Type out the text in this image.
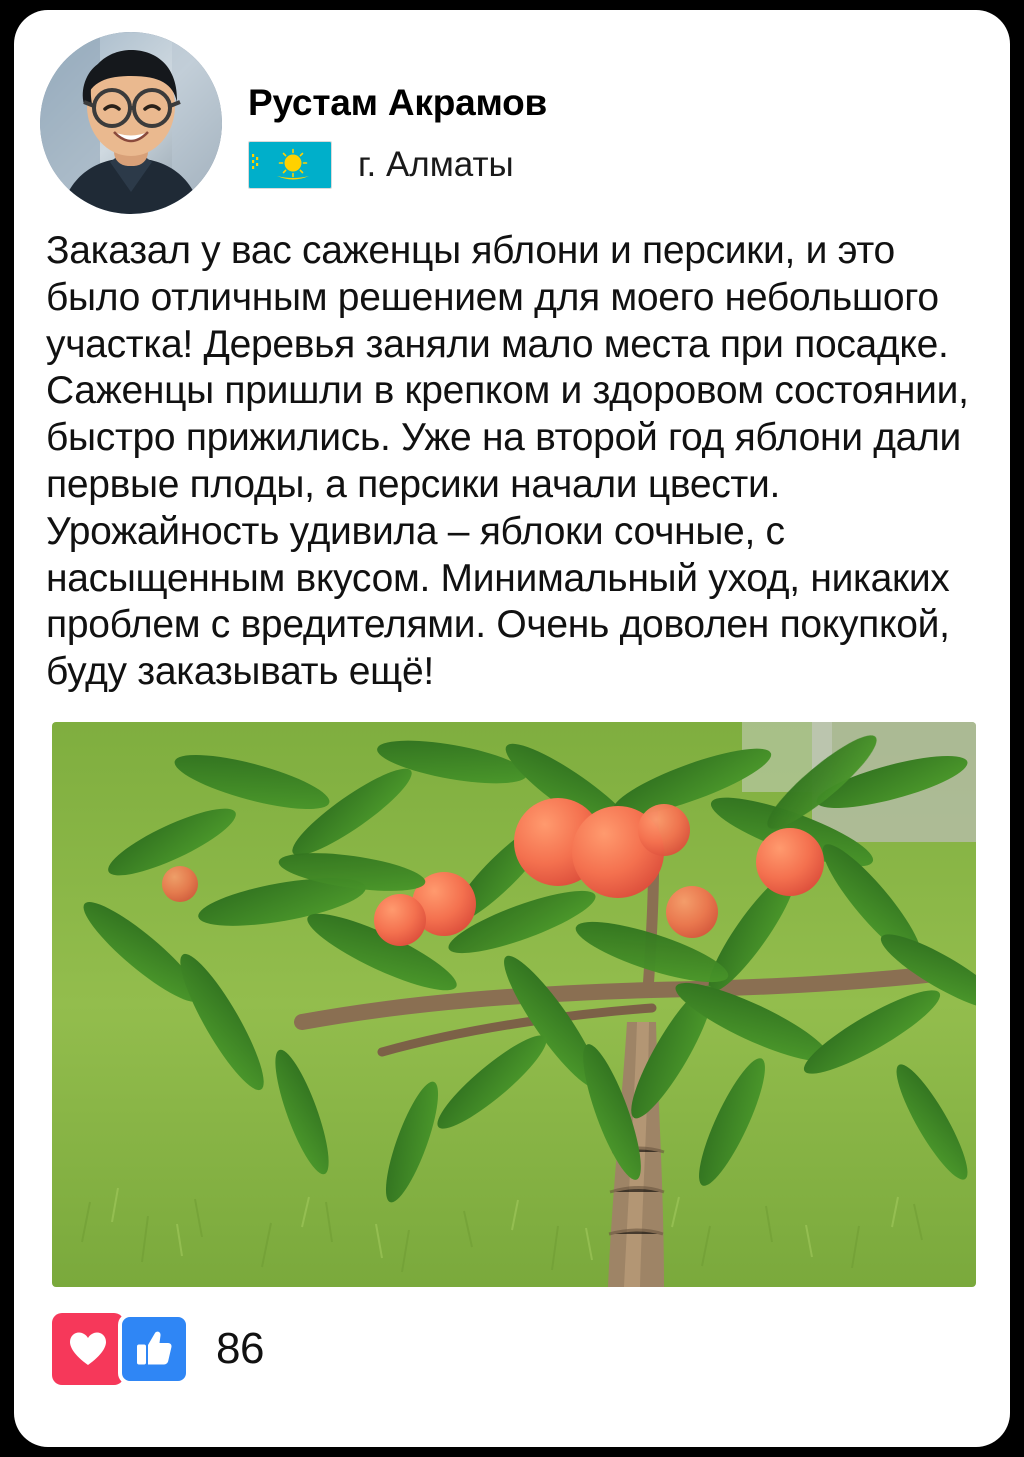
Рустам Акрамов
г. Алматы
Заказал у вас саженцы яблони и персики, и это было отличным решением для моего небольшого участка! Деревья заняли мало места при посадке. Саженцы пришли в крепком и здоровом состоянии, быстро прижились. Уже на второй год яблони дали первые плоды, а персики начали цвести. Урожайность удивила – яблоки сочные, с насыщенным вкусом. Минимальный уход, никаких проблем с вредителями. Очень доволен покупкой, буду заказывать ещё!
86
